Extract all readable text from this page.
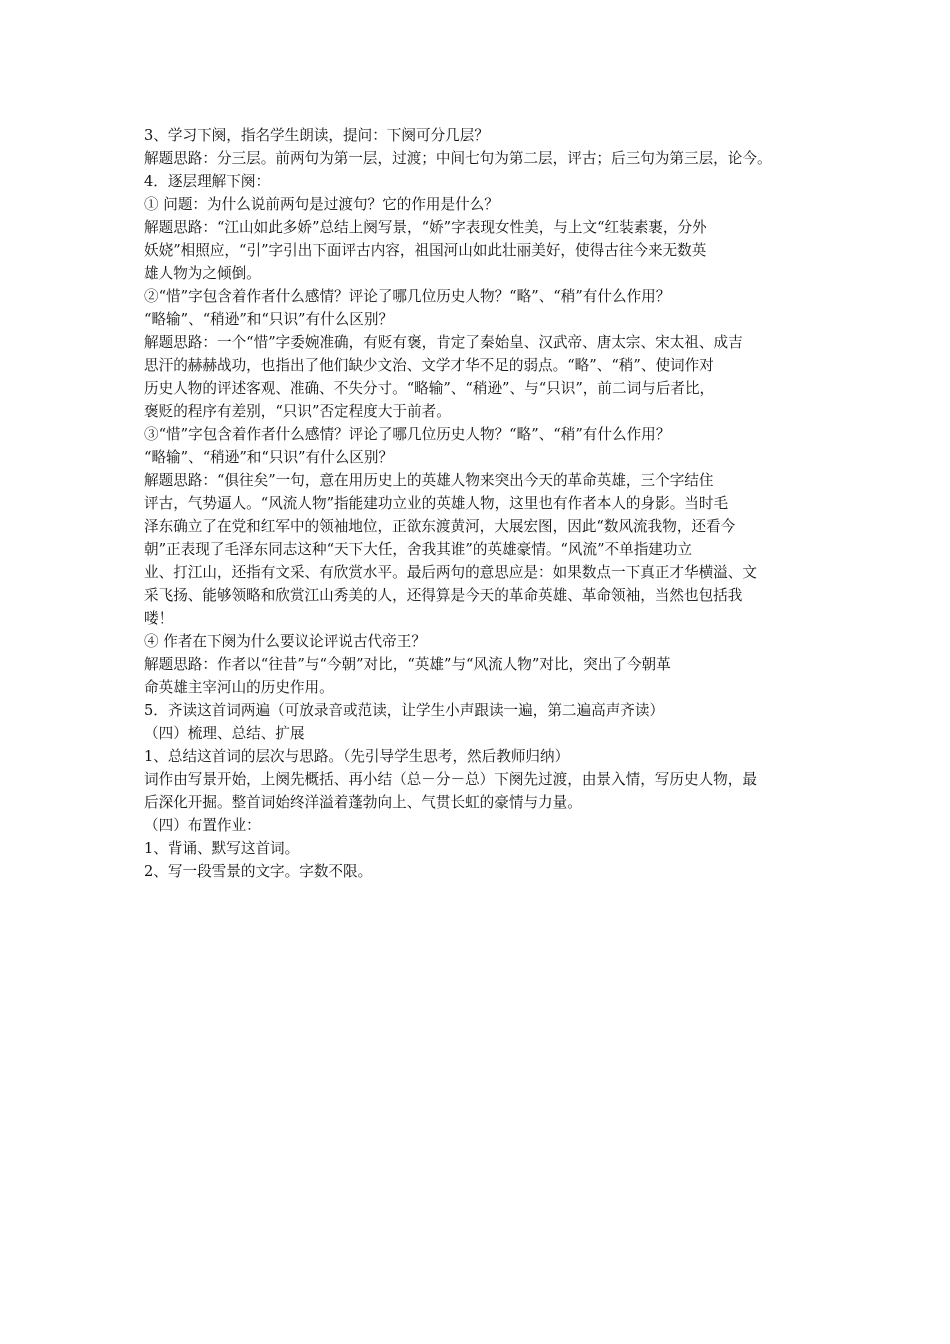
3、学习下阕，指名学生朗读，提问：下阕可分几层？
解题思路：分三层。前两句为第一层，过渡；中间七句为第二层，评古；后三句为第三层，论今。
4．逐层理解下阕：
① 问题：为什么说前两句是过渡句？它的作用是什么？
解题思路：“江山如此多娇”总结上阕写景，“娇”字表现女性美，与上文“红装素裹，分外
妖娆”相照应，“引”字引出下面评古内容，祖国河山如此壮丽美好，使得古往今来无数英
雄人物为之倾倒。
②“惜”字包含着作者什么感情？评论了哪几位历史人物？“略”、“稍”有什么作用？
“略输”、“稍逊”和“只识”有什么区别？
解题思路：一个“惜”字委婉准确，有贬有褒，肯定了秦始皇、汉武帝、唐太宗、宋太祖、成吉
思汗的赫赫战功，也指出了他们缺少文治、文学才华不足的弱点。“略”、“稍”、使词作对
历史人物的评述客观、准确、不失分寸。“略输”、“稍逊”、与“只识”，前二词与后者比，
褒贬的程序有差别，“只识”否定程度大于前者。
③“惜”字包含着作者什么感情？评论了哪几位历史人物？“略”、“稍”有什么作用？
“略输”、“稍逊”和“只识”有什么区别？
解题思路：“俱往矣”一句，意在用历史上的英雄人物来突出今天的革命英雄，三个字结住
评古，气势逼人。“风流人物”指能建功立业的英雄人物，这里也有作者本人的身影。当时毛
泽东确立了在党和红军中的领袖地位，正欲东渡黄河，大展宏图，因此“数风流我物，还看今
朝”正表现了毛泽东同志这种“天下大任，舍我其谁”的英雄豪情。“风流”不单指建功立
业、打江山，还指有文采、有欣赏水平。最后两句的意思应是：如果数点一下真正才华横溢、文
采飞扬、能够领略和欣赏江山秀美的人，还得算是今天的革命英雄、革命领袖，当然也包括我
喽！
④ 作者在下阕为什么要议论评说古代帝王？
解题思路：作者以“往昔”与“今朝”对比，“英雄”与“风流人物”对比，突出了今朝革
命英雄主宰河山的历史作用。
5．齐读这首词两遍（可放录音或范读，让学生小声跟读一遍，第二遍高声齐读）
（四）梳理、总结、扩展
1、总结这首词的层次与思路。（先引导学生思考，然后教师归纳）
词作由写景开始，上阕先概括、再小结（总－分－总）下阕先过渡，由景入情，写历史人物，最
后深化开掘。整首词始终洋溢着蓬勃向上、气贯长虹的豪情与力量。
（四）布置作业：
1、背诵、默写这首词。
2、写一段雪景的文字。字数不限。
